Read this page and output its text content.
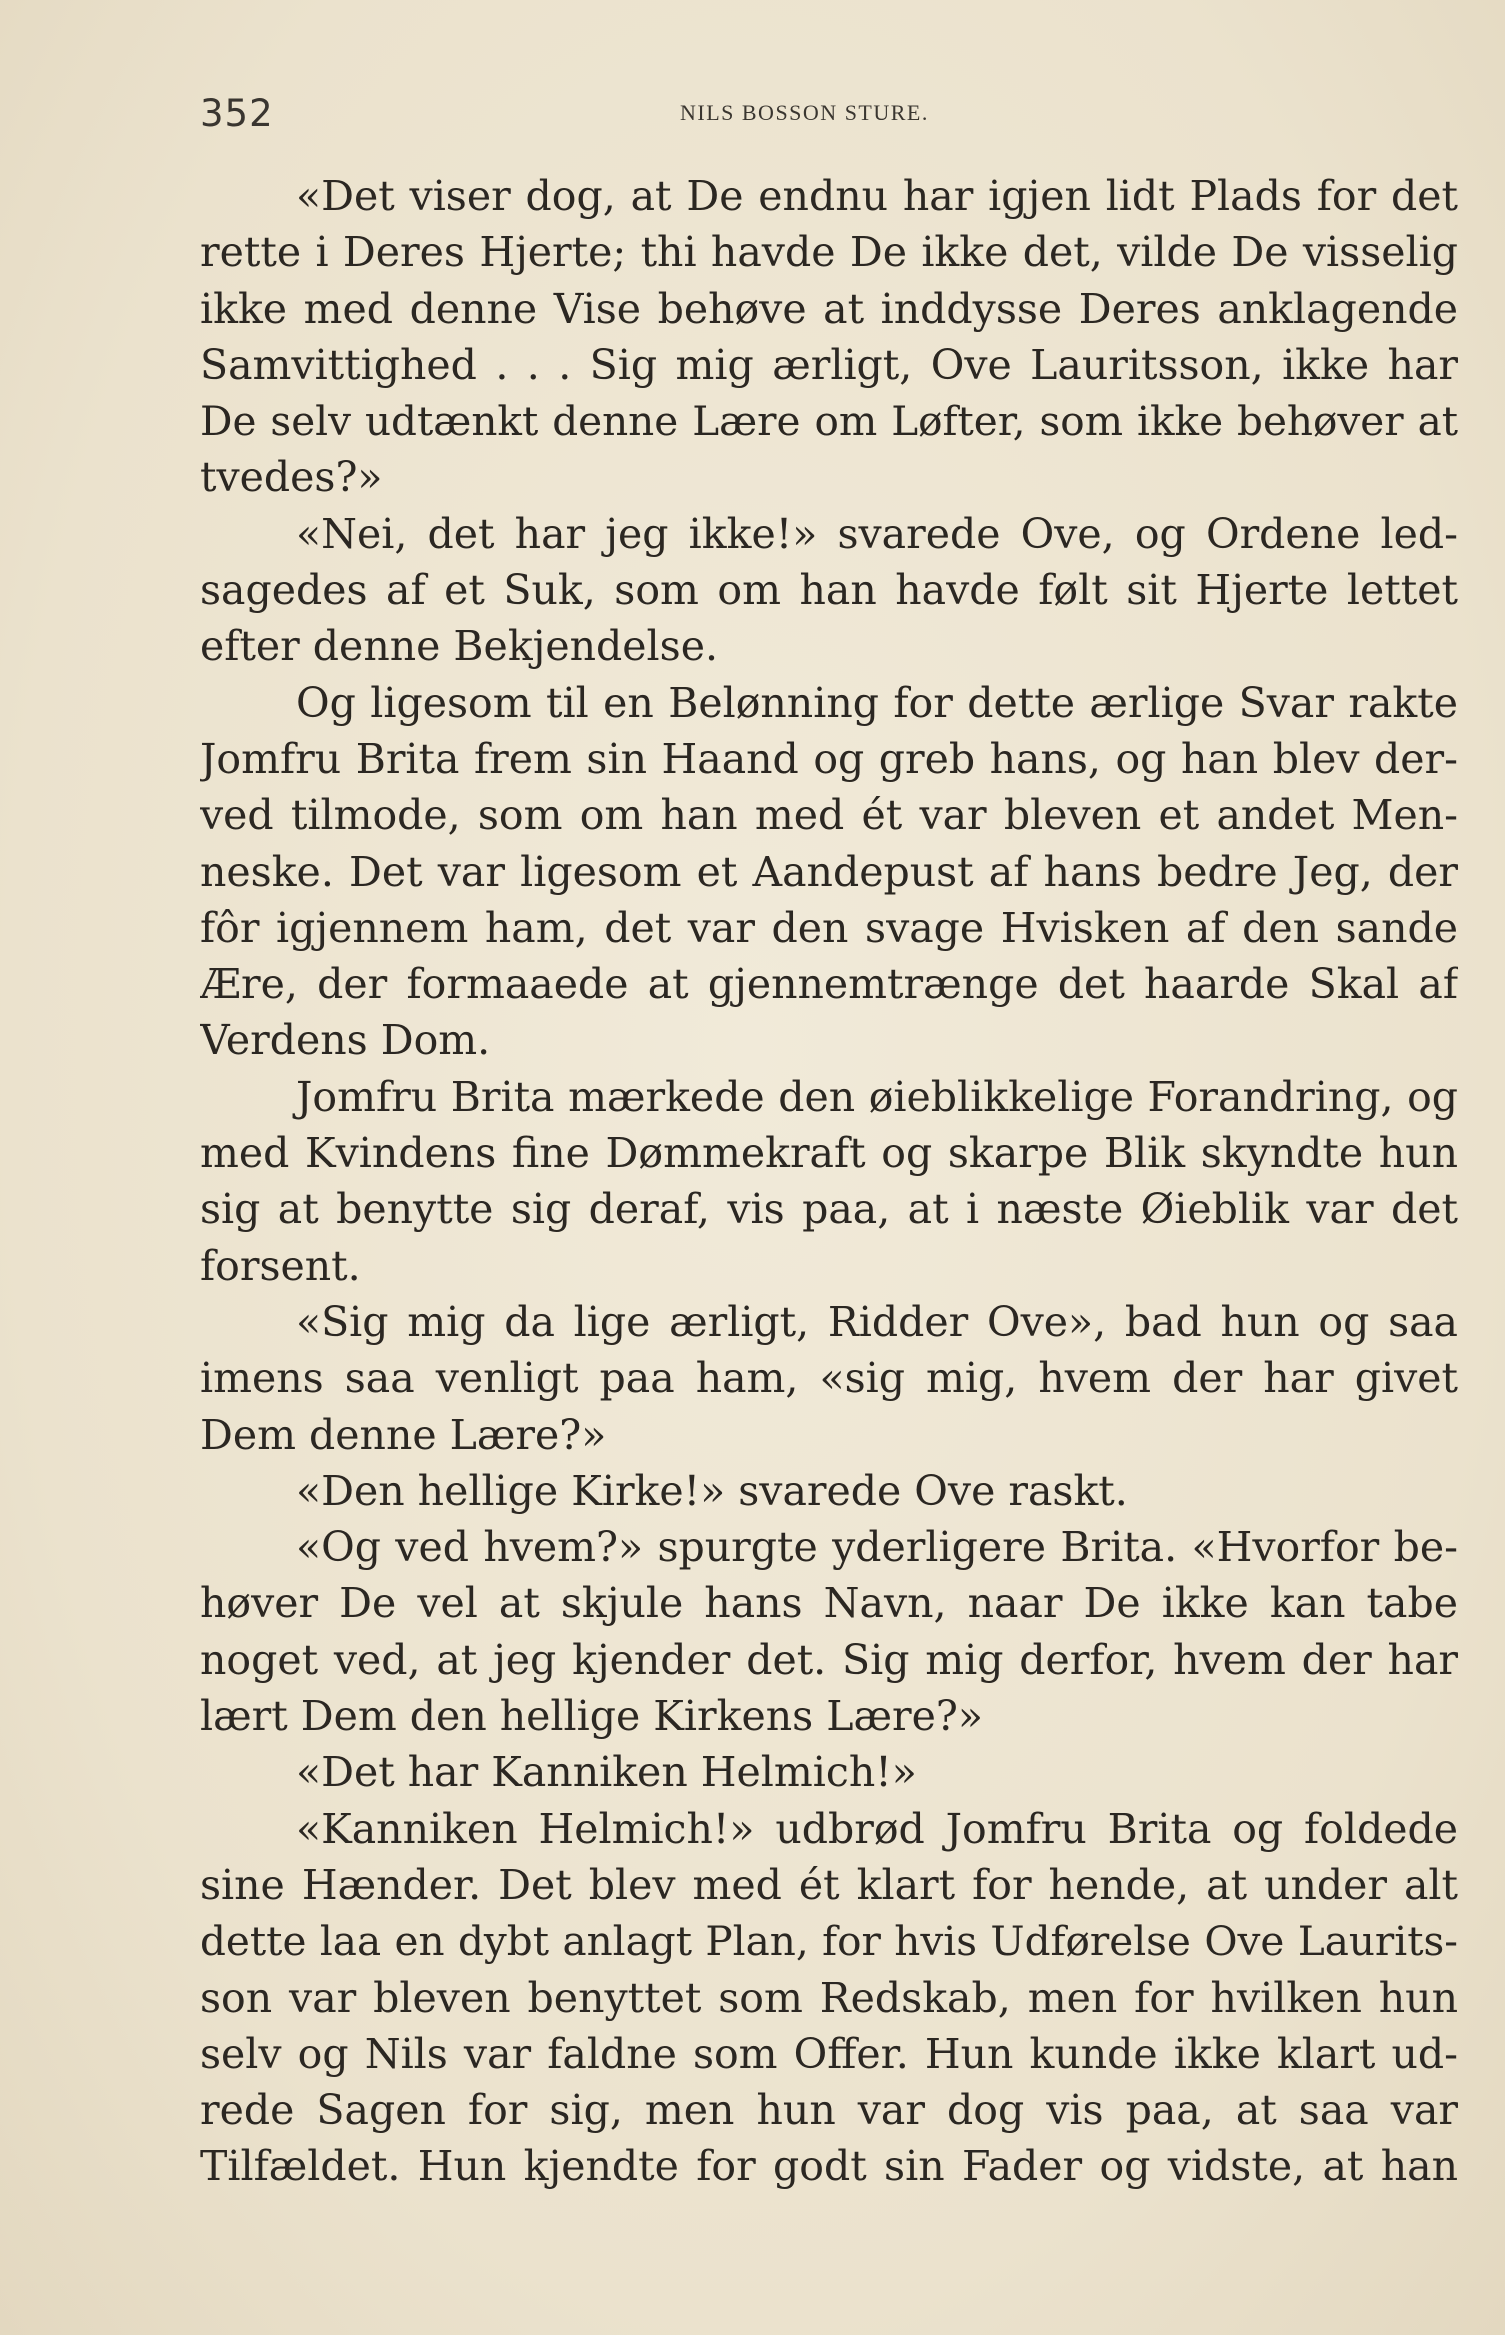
352	NILS BOSSON STURE.
«Det viser dog, at De endnu har igjen lidt Plads for det
rette i Deres Hjerte; thi havde De ikke det, vilde De visselig
ikke med denne Vise behøve at inddysse Deres anklagende
Samvittighed . . . Sig mig ærligt, Ove Lauritsson, ikke har
De selv udtænkt denne Lære om Løfter, som ikke behøver at
tvedes?»
«Nei, det har jeg ikke!» svarede Ove, og Ordene led-
sagedes af et Suk, som om han havde følt sit Hjerte lettet
efter denne Bekjendelse.
Og ligesom til en Belønning for dette ærlige Svar rakte
Jomfru Brita frem sin Haand og greb hans, og han blev der-
ved tilmode, som om han med ét var bleven et andet Men-
neske. Det var ligesom et Aandepust af hans bedre Jeg, der
fôr igjennem ham, det var den svage Hvisken af den sande
Ære, der formaaede at gjennemtrænge det haarde Skal af
Verdens Dom.
Jomfru Brita mærkede den øieblikkelige Forandring, og
med Kvindens fine Dømmekraft og skarpe Blik skyndte hun
sig at benytte sig deraf, vis paa, at i næste Øieblik var det
forsent.
«Sig mig da lige ærligt, Ridder Ove», bad hun og saa
imens saa venligt paa ham, «sig mig, hvem der har givet
Dem denne Lære?»
«Den hellige Kirke!» svarede Ove raskt.
«Og ved hvem?» spurgte yderligere Brita. «Hvorfor be-
høver De vel at skjule hans Navn, naar De ikke kan tabe
noget ved, at jeg kjender det. Sig mig derfor, hvem der har
lært Dem den hellige Kirkens Lære?»
«Det har Kanniken Helmich!»
«Kanniken Helmich!» udbrød Jomfru Brita og foldede
sine Hænder. Det blev med ét klart for hende, at under alt
dette laa en dybt anlagt Plan, for hvis Udførelse Ove Laurits-
son var bleven benyttet som Redskab, men for hvilken hun
selv og Nils var faldne som Offer. Hun kunde ikke klart ud-
rede Sagen for sig, men hun var dog vis paa, at saa var
Tilfældet. Hun kjendte for godt sin Fader og vidste, at han
